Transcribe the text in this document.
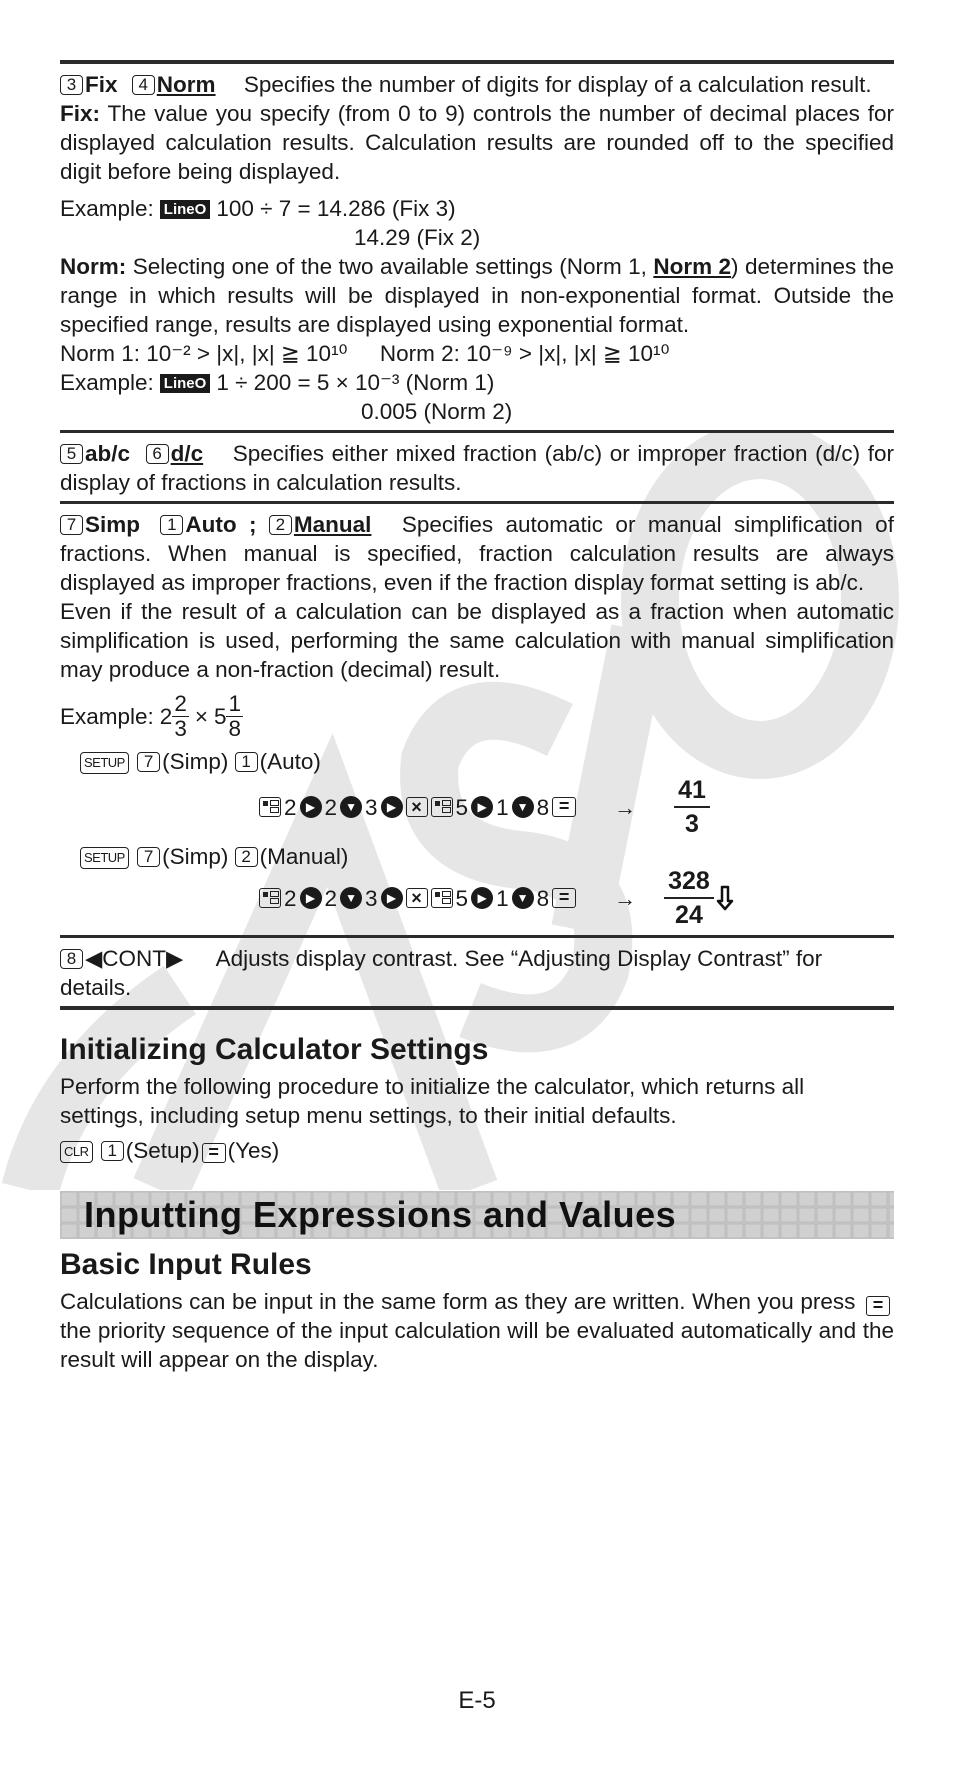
3 Fix 4 Norm Specifies the number of digits for display of a calculation result.
Fix: The value you specify (from 0 to 9) controls the number of decimal places for displayed calculation results. Calculation results are rounded off to the specified digit before being displayed.
Example: LineO 100 ÷ 7 = 14.286 (Fix 3)
14.29 (Fix 2)
Norm: Selecting one of the two available settings (Norm 1, Norm 2) determines the range in which results will be displayed in non-exponential format. Outside the specified range, results are displayed using exponential format.
Norm 1: 10⁻² > |x|, |x| ≧ 10¹⁰ Norm 2: 10⁻⁹ > |x|, |x| ≧ 10¹⁰
Example: LineO 1 ÷ 200 = 5 × 10⁻³ (Norm 1)
0.005 (Norm 2)
5 ab/c 6 d/c Specifies either mixed fraction (ab/c) or improper fraction (d/c) for display of fractions in calculation results.
7 Simp 1 Auto ; 2 Manual Specifies automatic or manual simplification of fractions. When manual is specified, fraction calculation results are always displayed as improper fractions, even if the fraction display format setting is ab/c.
Even if the result of a calculation can be displayed as a fraction when automatic simplification is used, performing the same calculation with manual simplification may produce a non-fraction (decimal) result.
Example: $2 \frac{2}{3} \times 5 \frac{1}{8}$
SETUP 7 (Simp) 1 (Auto)
2 ▶ 2 ▼ 3 ▶ × 5 ▶ 1 ▼ 8 =	→ $\frac{41}{3}$
SETUP 7 (Simp) 2 (Manual)
2 ▶ 2 ▼ 3 ▶ × 5 ▶ 1 ▼ 8 =	→ $\frac{328}{24}$
8 ◀CONT▶ Adjusts display contrast. See “Adjusting Display Contrast” for details.
Initializing Calculator Settings
Perform the following procedure to initialize the calculator, which returns all settings, including setup menu settings, to their initial defaults.
CLR 1 (Setup) = (Yes)
Inputting Expressions and Values
Basic Input Rules
Calculations can be input in the same form as they are written. When you press = the priority sequence of the input calculation will be evaluated automatically and the result will appear on the display.
E-5
